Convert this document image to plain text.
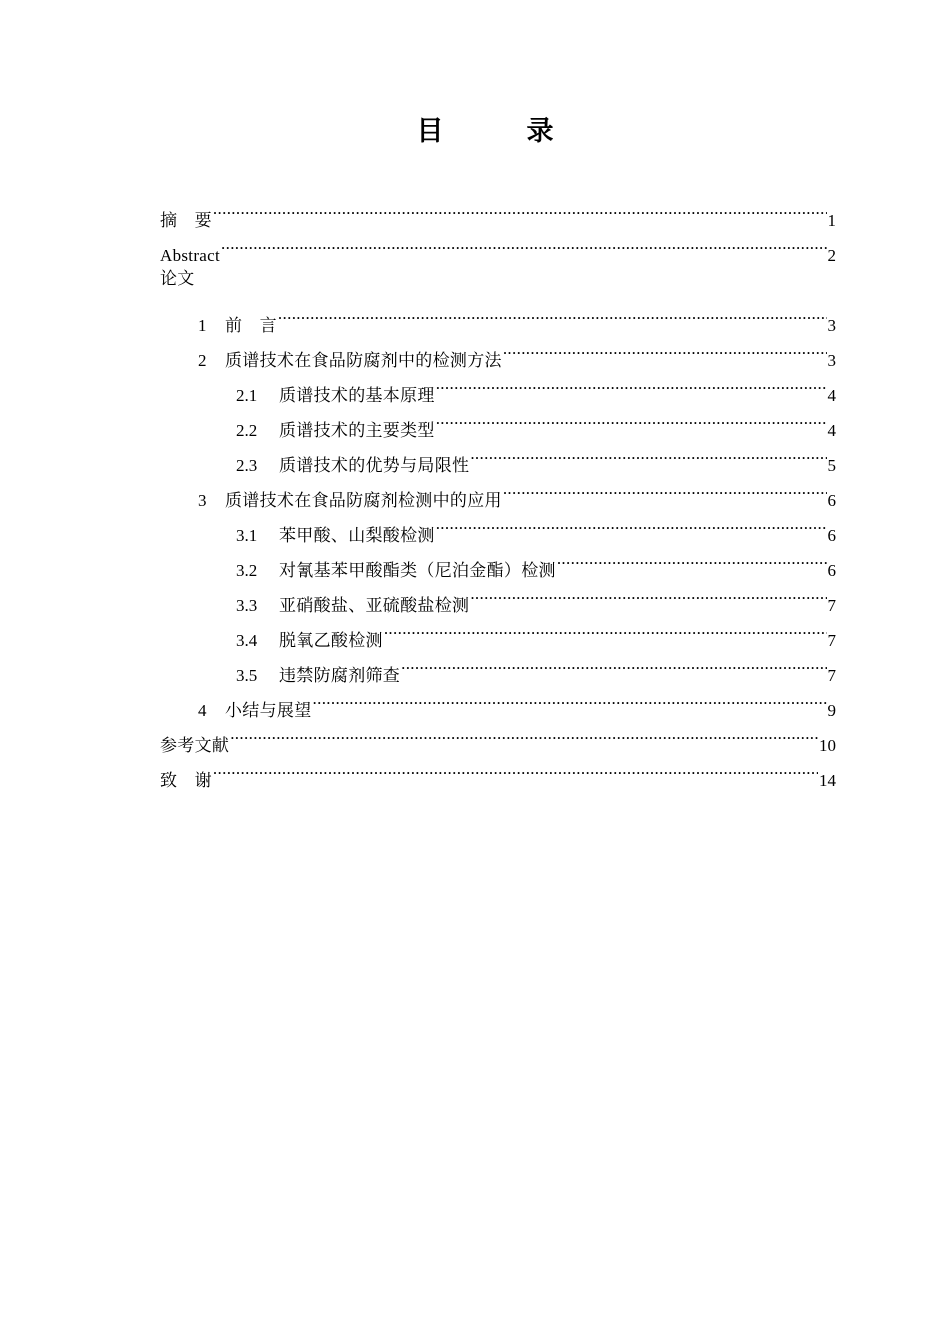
目　录
摘　要 .....	1
Abstract .....	2
论文
1	前　言 .....	3
2	质谱技术在食品防腐剂中的检测方法 .....	3
2.1	质谱技术的基本原理 .....	4
2.2	质谱技术的主要类型 .....	4
2.3	质谱技术的优势与局限性 .....	5
3	质谱技术在食品防腐剂检测中的应用 .....	6
3.1	苯甲酸、山梨酸检测 .....	6
3.2	对氰基苯甲酸酯类（尼泊金酯）检测 .....	6
3.3	亚硝酸盐、亚硫酸盐检测 .....	7
3.4	脱氧乙酸检测 .....	7
3.5	违禁防腐剂筛查 .....	7
4	小结与展望 .....	9
参考文献 .....	10
致　谢 .....	14
